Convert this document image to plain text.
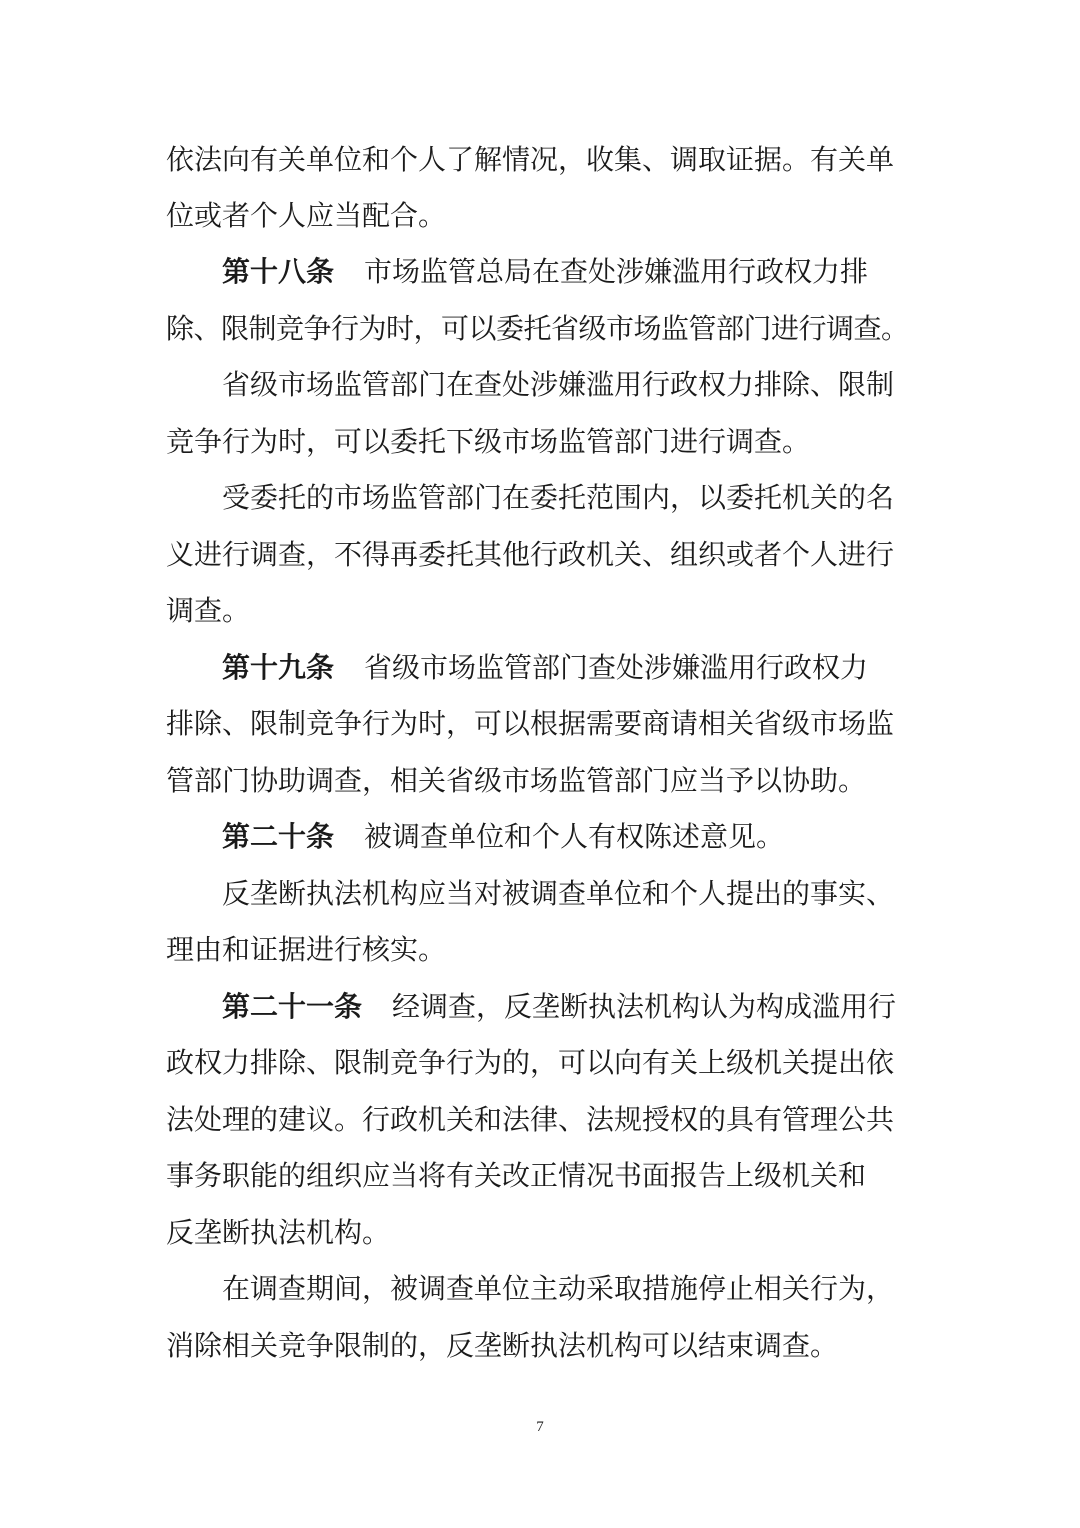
依法向有关单位和个人了解情况，收集、调取证据。有关单
位或者个人应当配合。
第十八条 市场监管总局在查处涉嫌滥用行政权力排
除、限制竞争行为时，可以委托省级市场监管部门进行调查。
省级市场监管部门在查处涉嫌滥用行政权力排除、限制
竞争行为时，可以委托下级市场监管部门进行调查。
受委托的市场监管部门在委托范围内，以委托机关的名
义进行调查，不得再委托其他行政机关、组织或者个人进行
调查。
第十九条 省级市场监管部门查处涉嫌滥用行政权力
排除、限制竞争行为时，可以根据需要商请相关省级市场监
管部门协助调查，相关省级市场监管部门应当予以协助。
第二十条 被调查单位和个人有权陈述意见。
反垄断执法机构应当对被调查单位和个人提出的事实、
理由和证据进行核实。
第二十一条 经调查，反垄断执法机构认为构成滥用行
政权力排除、限制竞争行为的，可以向有关上级机关提出依
法处理的建议。行政机关和法律、法规授权的具有管理公共
事务职能的组织应当将有关改正情况书面报告上级机关和
反垄断执法机构。
在调查期间，被调查单位主动采取措施停止相关行为，
消除相关竞争限制的，反垄断执法机构可以结束调查。
7
